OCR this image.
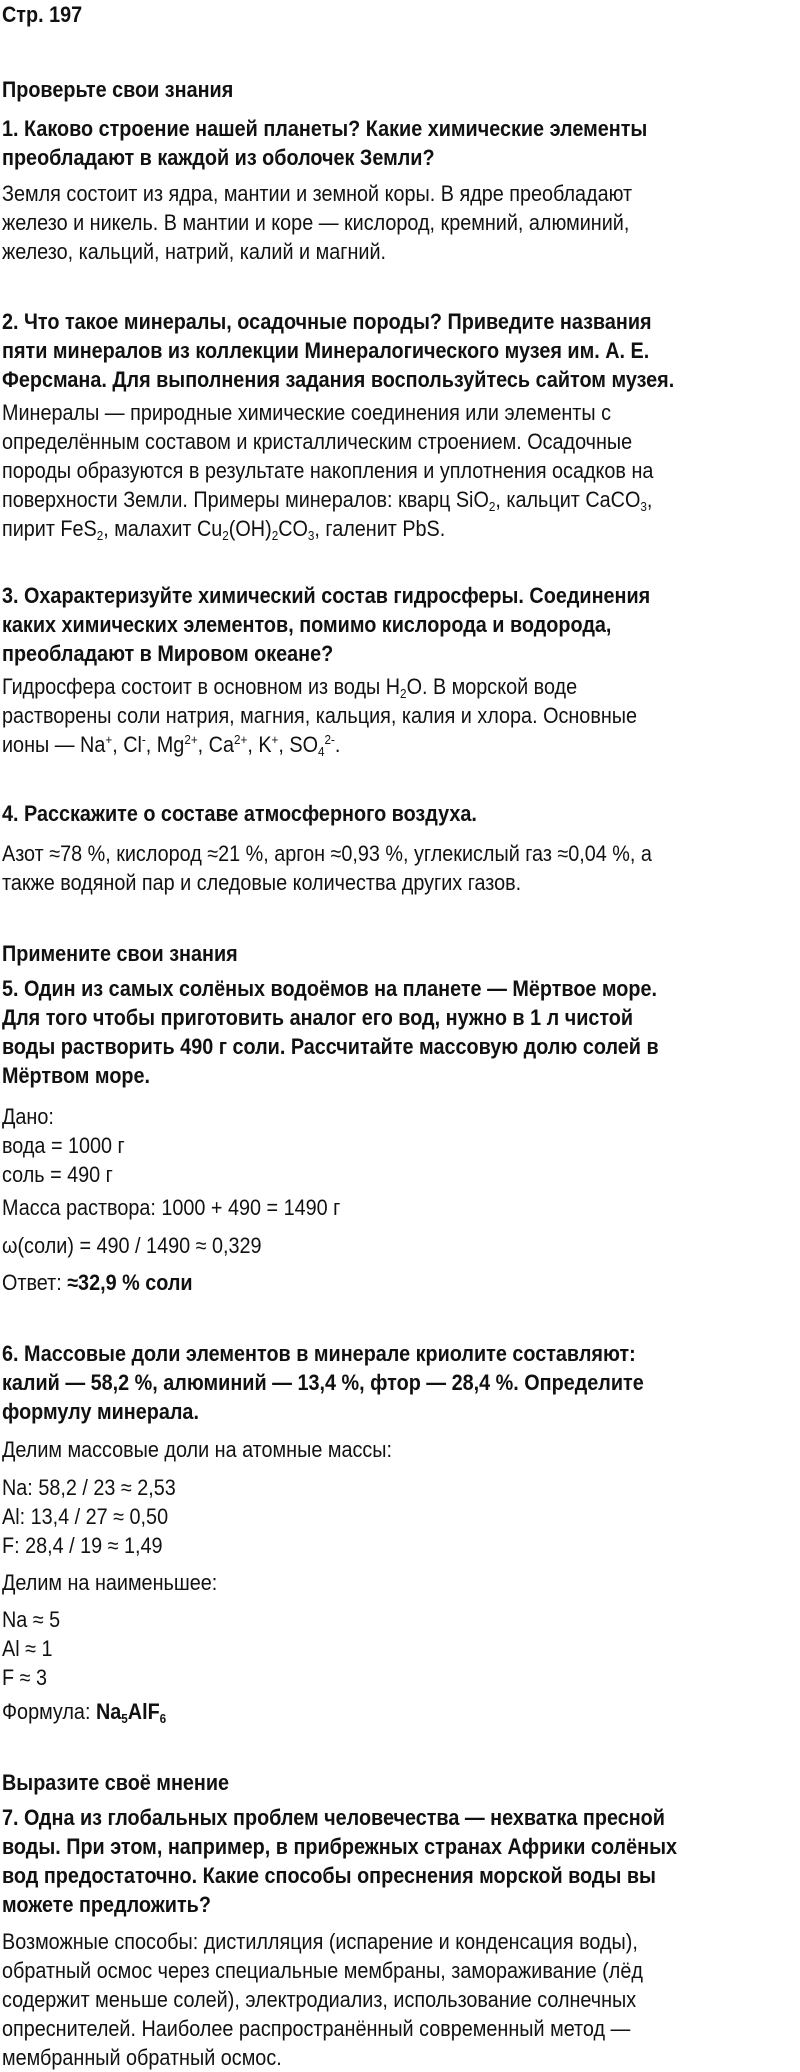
Стр. 197
Проверьте свои знания
1. Каково строение нашей планеты? Какие химические элементы
преобладают в каждой из оболочек Земли?
Земля состоит из ядра, мантии и земной коры. В ядре преобладают
железо и никель. В мантии и коре — кислород, кремний, алюминий,
железо, кальций, натрий, калий и магний.
2. Что такое минералы, осадочные породы? Приведите названия
пяти минералов из коллекции Минералогического музея им. А. Е.
Ферсмана. Для выполнения задания воспользуйтесь сайтом музея.
Минералы — природные химические соединения или элементы с
определённым составом и кристаллическим строением. Осадочные
породы образуются в результате накопления и уплотнения осадков на
поверхности Земли. Примеры минералов: кварц SiO$_2$, кальцит CaCO$_3$,
пирит FeS$_2$, малахит $Cu_2(OH)_2CO_3$, галенит PbS.
3. Охарактеризуйте химический состав гидросферы. Соединения
каких химических элементов, помимо кислорода и водорода,
преобладают в Мировом океане?
Гидросфера состоит в основном из воды $H_2O$. В морской воде
растворены соли натрия, магния, кальция, калия и хлора. Основные
ионы — Na+, Cl-, $Mg^{2+}$, $Ca^{2+}$, K+, $SO_4^{2-}$.
4. Расскажите о составе атмосферного воздуха.
Азот ≈78 %, кислород ≈21 %, аргон ≈0,93 %, углекислый газ ≈0,04 %, а
также водяной пар и следовые количества других газов.
Примените свои знания
5. Один из самых солёных водоёмов на планете — Мёртвое море.
Для того чтобы приготовить аналог его вод, нужно в 1 л чистой
воды растворить 490 г соли. Рассчитайте массовую долю солей в
Мёртвом море.
Дано:
вода = 1000 г
соль = 490 г
Масса раствора: 1000 + 490 = 1490 г
ω(соли) = 490 / 1490 ≈ 0,329
Ответ: ≈32,9 % соли
6. Массовые доли элементов в минерале криолите составляют:
калий — 58,2 %, алюминий — 13,4 %, фтор — 28,4 %. Определите
формулу минерала.
Делим массовые доли на атомные массы:
Na: 58,2 / 23 ≈ 2,53
Al: 13,4 / 27 ≈ 0,50
F: 28,4 / 19 ≈ 1,49
Делим на наименьшее:
Na ≈ 5
Al ≈ 1
F ≈ 3
Формула: $Na_5AlF_6$
Выразите своё мнение
7. Одна из глобальных проблем человечества — нехватка пресной
воды. При этом, например, в прибрежных странах Африки солёных
вод предостаточно. Какие способы опреснения морской воды вы
можете предложить?
Возможные способы: дистилляция (испарение и конденсация воды),
обратный осмос через специальные мембраны, замораживание (лёд
содержит меньше солей), электродиализ, использование солнечных
опреснителей. Наиболее распространённый современный метод —
мембранный обратный осмос.
